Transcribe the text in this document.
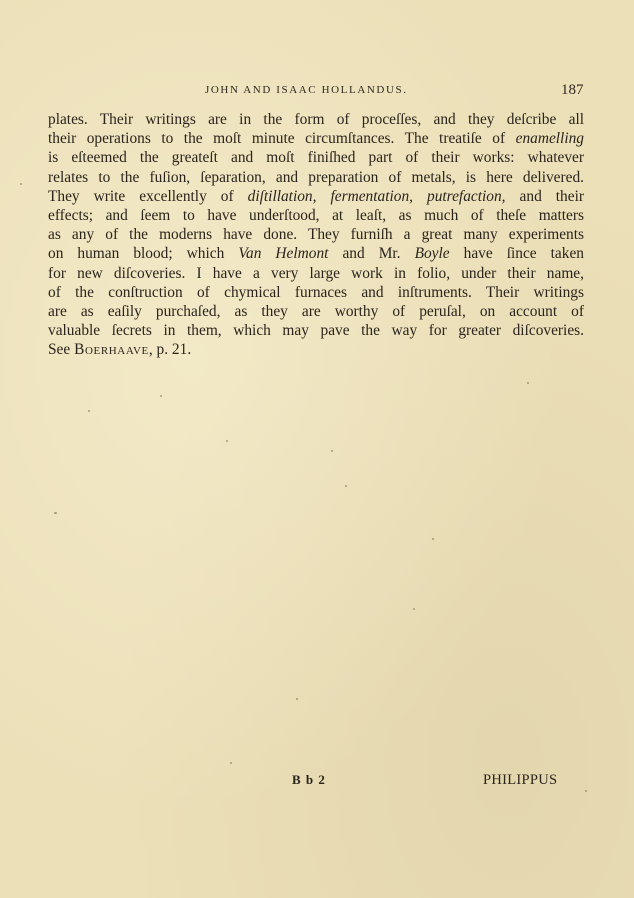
JOHN AND ISAAC HOLLANDUS.	187
plates. Their writings are in the form of proceſſes, and they deſcribe all
their operations to the moſt minute circumſtances. The treatiſe of enamelling
is eſteemed the greateſt and moſt finiſhed part of their works: whatever
relates to the fuſion, ſeparation, and preparation of metals, is here delivered.
They write excellently of diſtillation, fermentation, putrefaction, and their
effects; and ſeem to have underſtood, at leaſt, as much of theſe matters
as any of the moderns have done. They furniſh a great many experiments
on human blood; which Van Helmont and Mr. Boyle have ſince taken
for new diſcoveries. I have a very large work in folio, under their name,
of the conſtruction of chymical furnaces and inſtruments. Their writings
are as eaſily purchaſed, as they are worthy of peruſal, on account of
valuable ſecrets in them, which may pave the way for greater diſcoveries.
See Boerhaave, p. 21.
B b 2	PHILIPPUS
